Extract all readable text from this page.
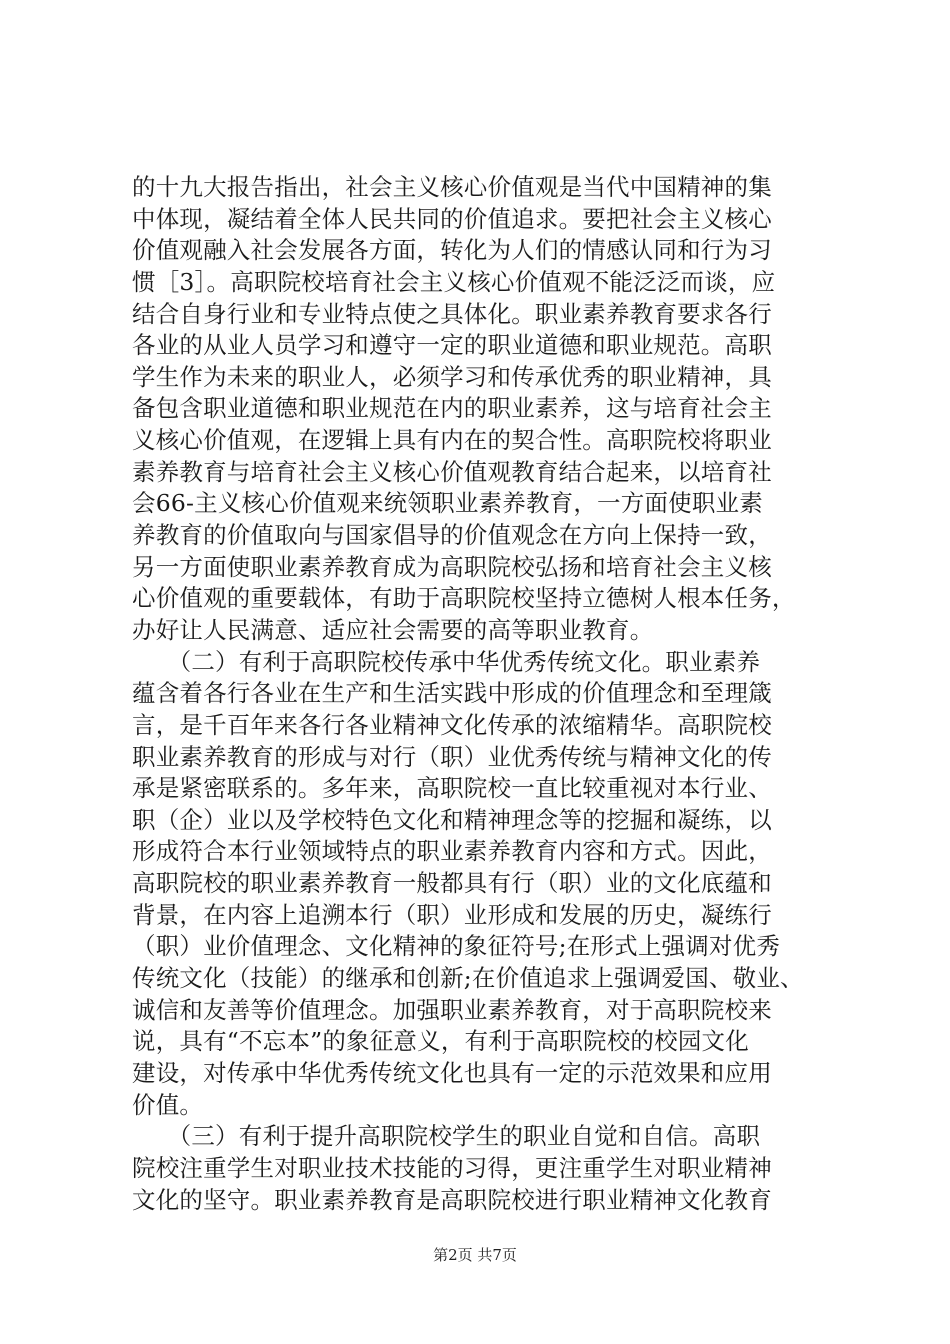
的十九大报告指出，社会主义核心价值观是当代中国精神的集
中体现，凝结着全体人民共同的价值追求。要把社会主义核心
价值观融入社会发展各方面，转化为人们的情感认同和行为习
惯［3］。高职院校培育社会主义核心价值观不能泛泛而谈，应
结合自身行业和专业特点使之具体化。职业素养教育要求各行
各业的从业人员学习和遵守一定的职业道德和职业规范。高职
学生作为未来的职业人，必须学习和传承优秀的职业精神，具
备包含职业道德和职业规范在内的职业素养，这与培育社会主
义核心价值观，在逻辑上具有内在的契合性。高职院校将职业
素养教育与培育社会主义核心价值观教育结合起来，以培育社
会66-主义核心价值观来统领职业素养教育，一方面使职业素
养教育的价值取向与国家倡导的价值观念在方向上保持一致，
另一方面使职业素养教育成为高职院校弘扬和培育社会主义核
心价值观的重要载体，有助于高职院校坚持立德树人根本任务，
办好让人民满意、适应社会需要的高等职业教育。
　　（二）有利于高职院校传承中华优秀传统文化。职业素养
蕴含着各行各业在生产和生活实践中形成的价值理念和至理箴
言，是千百年来各行各业精神文化传承的浓缩精华。高职院校
职业素养教育的形成与对行（职）业优秀传统与精神文化的传
承是紧密联系的。多年来，高职院校一直比较重视对本行业、
职（企）业以及学校特色文化和精神理念等的挖掘和凝练，以
形成符合本行业领域特点的职业素养教育内容和方式。因此，
高职院校的职业素养教育一般都具有行（职）业的文化底蕴和
背景，在内容上追溯本行（职）业形成和发展的历史，凝练行
（职）业价值理念、文化精神的象征符号;在形式上强调对优秀
传统文化（技能）的继承和创新;在价值追求上强调爱国、敬业、
诚信和友善等价值理念。加强职业素养教育，对于高职院校来
说，具有“不忘本”的象征意义，有利于高职院校的校园文化
建设，对传承中华优秀传统文化也具有一定的示范效果和应用
价值。
　　（三）有利于提升高职院校学生的职业自觉和自信。高职
院校注重学生对职业技术技能的习得，更注重学生对职业精神
文化的坚守。职业素养教育是高职院校进行职业精神文化教育
第2页 共7页
